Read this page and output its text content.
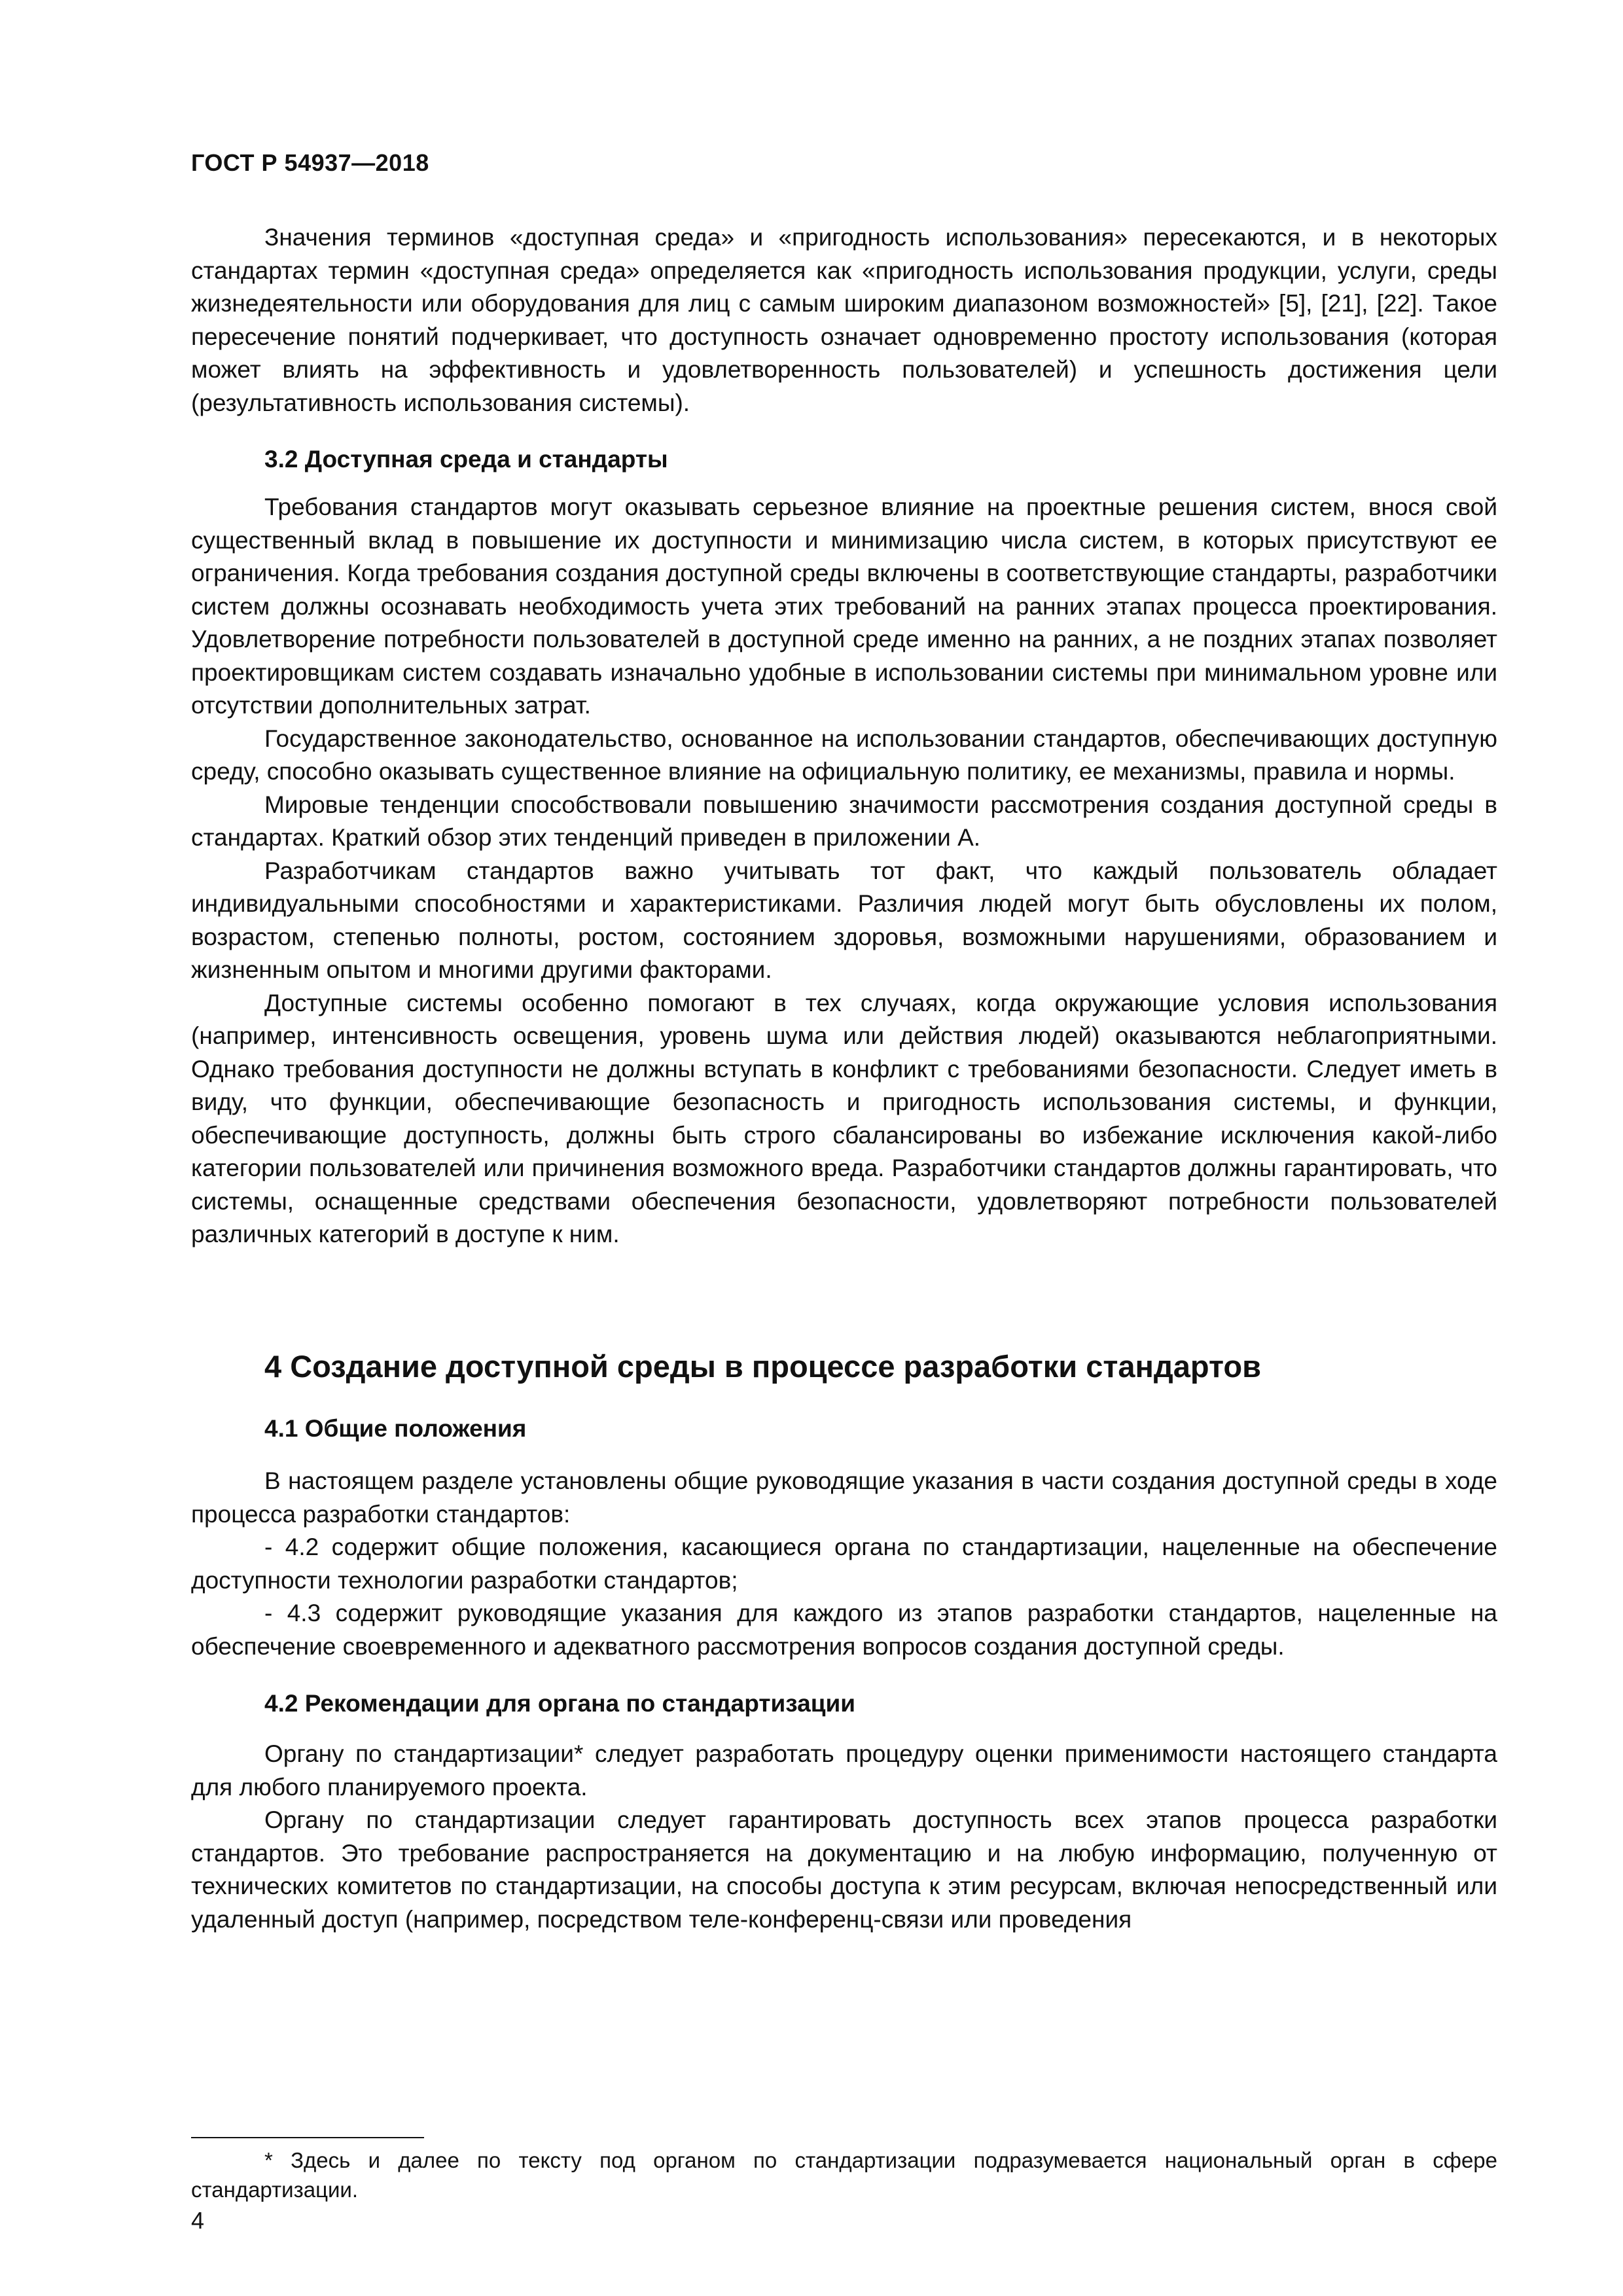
ГОСТ Р 54937—2018

Значения терминов «доступная среда» и «пригодность использования» пересекаются, и в некоторых стандартах термин «доступная среда» определяется как «пригодность использования продукции, услуги, среды жизнедеятельности или оборудования для лиц с самым широким диапазоном возможностей» [5], [21], [22]. Такое пересечение понятий подчеркивает, что доступность означает одновременно простоту использования (которая может влиять на эффективность и удовлетворенность пользователей) и успешность достижения цели (результативность использования системы).

3.2 Доступная среда и стандарты

Требования стандартов могут оказывать серьезное влияние на проектные решения систем, внося свой существенный вклад в повышение их доступности и минимизацию числа систем, в которых присутствуют ее ограничения. Когда требования создания доступной среды включены в соответствующие стандарты, разработчики систем должны осознавать необходимость учета этих требований на ранних этапах процесса проектирования. Удовлетворение потребности пользователей в доступной среде именно на ранних, а не поздних этапах позволяет проектировщикам систем создавать изначально удобные в использовании системы при минимальном уровне или отсутствии дополнительных затрат.

Государственное законодательство, основанное на использовании стандартов, обеспечивающих доступную среду, способно оказывать существенное влияние на официальную политику, ее механизмы, правила и нормы.

Мировые тенденции способствовали повышению значимости рассмотрения создания доступной среды в стандартах. Краткий обзор этих тенденций приведен в приложении А.

Разработчикам стандартов важно учитывать тот факт, что каждый пользователь обладает индивидуальными способностями и характеристиками. Различия людей могут быть обусловлены их полом, возрастом, степенью полноты, ростом, состоянием здоровья, возможными нарушениями, образованием и жизненным опытом и многими другими факторами.

Доступные системы особенно помогают в тех случаях, когда окружающие условия использования (например, интенсивность освещения, уровень шума или действия людей) оказываются неблагоприятными. Однако требования доступности не должны вступать в конфликт с требованиями безопасности. Следует иметь в виду, что функции, обеспечивающие безопасность и пригодность использования системы, и функции, обеспечивающие доступность, должны быть строго сбалансированы во избежание исключения какой-либо категории пользователей или причинения возможного вреда. Разработчики стандартов должны гарантировать, что системы, оснащенные средствами обеспечения безопасности, удовлетворяют потребности пользователей различных категорий в доступе к ним.

4 Создание доступной среды в процессе разработки стандартов

4.1 Общие положения

В настоящем разделе установлены общие руководящие указания в части создания доступной среды в ходе процесса разработки стандартов:

- 4.2 содержит общие положения, касающиеся органа по стандартизации, нацеленные на обеспечение доступности технологии разработки стандартов;

- 4.3 содержит руководящие указания для каждого из этапов разработки стандартов, нацеленные на обеспечение своевременного и адекватного рассмотрения вопросов создания доступной среды.

4.2 Рекомендации для органа по стандартизации

Органу по стандартизации* следует разработать процедуру оценки применимости настоящего стандарта для любого планируемого проекта.

Органу по стандартизации следует гарантировать доступность всех этапов процесса разработки стандартов. Это требование распространяется на документацию и на любую информацию, полученную от технических комитетов по стандартизации, на способы доступа к этим ресурсам, включая непосредственный или удаленный доступ (например, посредством теле-конференц-связи или проведения

* Здесь и далее по тексту под органом по стандартизации подразумевается национальный орган в сфере стандартизации.

4
